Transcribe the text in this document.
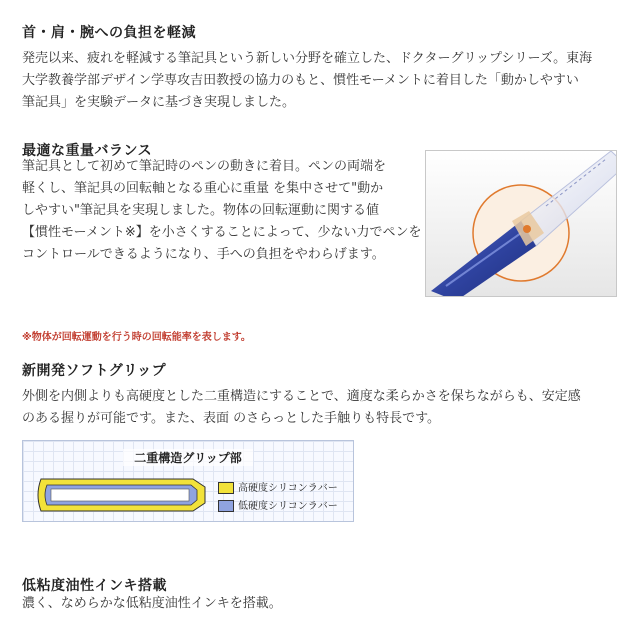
首・肩・腕への負担を軽減
発売以来、疲れを軽減する筆記具という新しい分野を確立した、ドクターグリップシリーズ。東海
大学教養学部デザイン学専攻吉田教授の協力のもと、慣性モーメントに着目した「動かしやすい
筆記具」を実験データに基づき実現しました。
最適な重量バランス
筆記具として初めて筆記時のペンの動きに着目。ペンの両端を
軽くし、筆記具の回転軸となる重心に重量 を集中させて"動か
しやすい"筆記具を実現しました。物体の回転運動に関する値
【慣性モーメント※】を小さくすることによって、少ない力でペンを
コントロールできるようになり、手への負担をやわらげます。
※物体が回転運動を行う時の回転能率を表します。
新開発ソフトグリップ
外側を内側よりも高硬度とした二重構造にすることで、適度な柔らかさを保ちながらも、安定感
のある握りが可能です。また、表面 のさらっとした手触りも特長です。
二重構造グリップ部
高硬度シリコンラバー
低硬度シリコンラバー
低粘度油性インキ搭載
濃く、なめらかな低粘度油性インキを搭載。
